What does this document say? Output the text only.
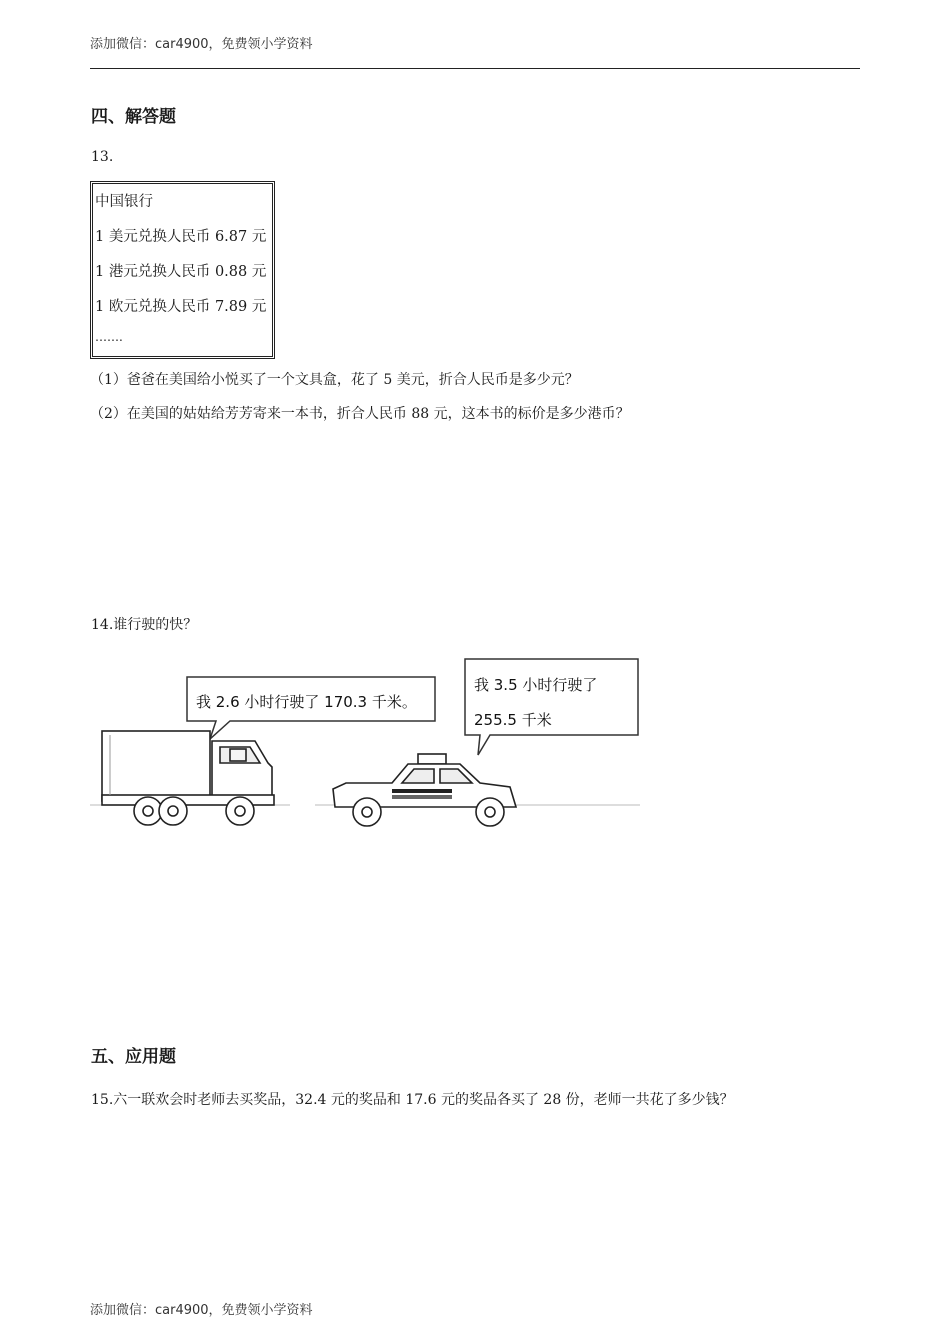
添加微信：car4900，免费领小学资料
四、解答题
13.
中国银行
1 美元兑换人民币 6.87 元
1 港元兑换人民币 0.88 元
1 欧元兑换人民币 7.89 元
…….
（1）爸爸在美国给小悦买了一个文具盒，花了 5 美元，折合人民币是多少元？
（2）在美国的姑姑给芳芳寄来一本书，折合人民币 88 元，这本书的标价是多少港币？
14.谁行驶的快？
我 2.6 小时行驶了 170.3 千米。
我 3.5 小时行驶了
255.5 千米
五、应用题
15.六一联欢会时老师去买奖品，32.4 元的奖品和 17.6 元的奖品各买了 28 份，老师一共花了多少钱？
添加微信：car4900，免费领小学资料
